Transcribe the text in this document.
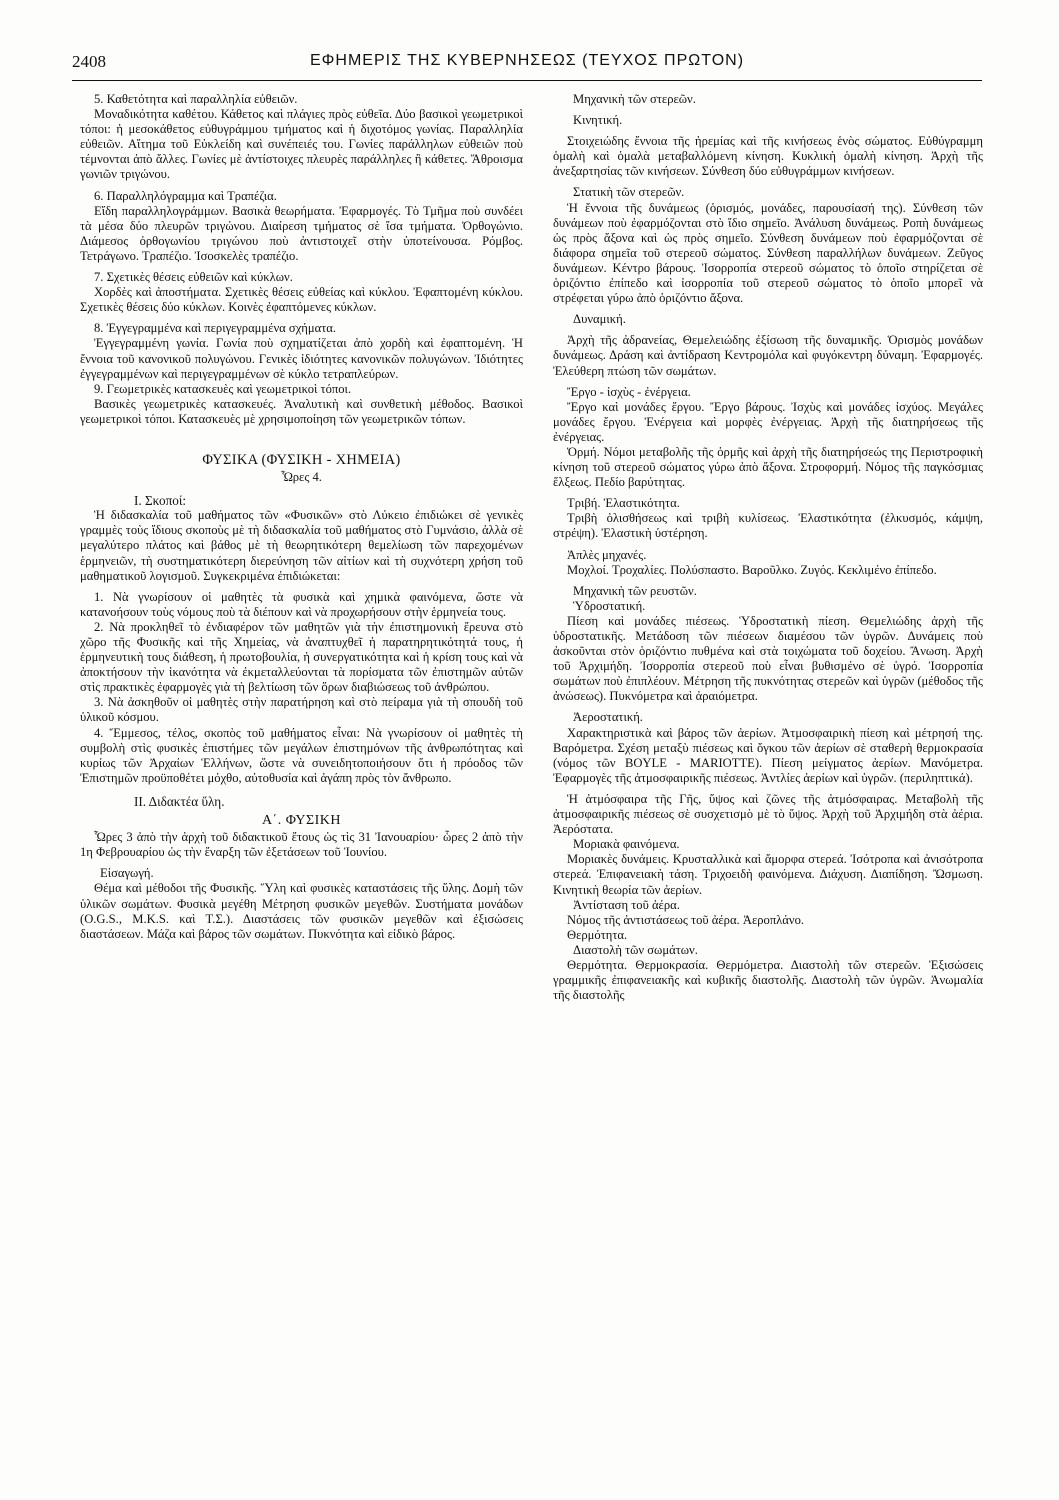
2408	ΕΦΗΜΕΡΙΣ ΤΗΣ ΚΥΒΕΡΝΗΣΕΩΣ (ΤΕΥΧΟΣ ΠΡΩΤΟΝ)

5. Καθετότητα καὶ παραλληλία εὐθειῶν.

Μοναδικότητα καθέτου. Κάθετος καὶ πλάγιες πρὸς εὐθεῖα. Δύο βασικοὶ γεωμετρικοὶ τόποι: ἡ μεσοκάθετος εὐθυγράμμου τμήματος καὶ ἡ διχοτόμος γωνίας. Παραλληλία εὐθειῶν. Αἴτημα τοῦ Εὐκλείδη καὶ συνέπειές του. Γωνίες παράλληλων εὐθειῶν ποὺ τέμνονται ἀπὸ ἄλλες. Γωνίες μὲ ἀντίστοιχες πλευρὲς παράλληλες ἢ κάθετες. Ἄθροισμα γωνιῶν τριγώνου.

6. Παραλληλόγραμμα καὶ Τραπέζια.

Εἴδη παραλληλογράμμων. Βασικὰ θεωρήματα. Ἐφαρμογές. Τὸ Τμῆμα ποὺ συνδέει τὰ μέσα δύο πλευρῶν τριγώνου. Διαίρεση τμήματος σὲ ἴσα τμήματα. Ὀρθογώνιο. Διάμεσος ὀρθογωνίου τριγώνου ποὺ ἀντιστοιχεῖ στὴν ὑποτείνουσα. Ρόμβος. Τετράγωνο. Τραπέζιο. Ἰσοσκελὲς τραπέζιο.

7. Σχετικὲς θέσεις εὐθειῶν καὶ κύκλων.

Χορδὲς καὶ ἀποστήματα. Σχετικὲς θέσεις εὐθείας καὶ κύκλου. Ἐφαπτομένη κύκλου. Σχετικὲς θέσεις δύο κύκλων. Κοινὲς ἐφαπτόμενες κύκλων.

8. Ἐγγεγραμμένα καὶ περιγεγραμμένα σχήματα.

Ἐγγεγραμμένη γωνία. Γωνία ποὺ σχηματίζεται ἀπὸ χορδὴ καὶ ἐφαπτομένη. Ἡ ἔννοια τοῦ κανονικοῦ πολυγώνου. Γενικὲς ἰδιότητες κανονικῶν πολυγώνων. Ἰδιότητες ἐγγεγραμμένων καὶ περιγεγραμμένων σὲ κύκλο τετραπλεύρων.

9. Γεωμετρικὲς κατασκευὲς καὶ γεωμετρικοὶ τόποι.

Βασικὲς γεωμετρικὲς κατασκευές. Ἀναλυτικὴ καὶ συνθετικὴ μέθοδος. Βασικοὶ γεωμετρικοὶ τόποι. Κατασκευὲς μὲ χρησιμοποίηση τῶν γεωμετρικῶν τόπων.

ΦΥΣΙΚΑ (ΦΥΣΙΚΗ - ΧΗΜΕΙΑ)

Ὧρες 4.

Ι. Σκοποί:

Ἡ διδασκαλία τοῦ μαθήματος τῶν «Φυσικῶν» στὸ Λύκειο ἐπιδιώκει σὲ γενικὲς γραμμὲς τοὺς ἴδιους σκοποὺς μὲ τὴ διδασκαλία τοῦ μαθήματος στὸ Γυμνάσιο, ἀλλὰ σὲ μεγαλύτερο πλάτος καὶ βάθος μὲ τὴ θεωρητικότερη θεμελίωση τῶν παρεχομένων ἑρμηνειῶν, τὴ συστηματικότερη διερεύνηση τῶν αἰτίων καὶ τὴ συχνότερη χρήση τοῦ μαθηματικοῦ λογισμοῦ. Συγκεκριμένα ἐπιδιώκεται:

1. Νὰ γνωρίσουν οἱ μαθητὲς τὰ φυσικὰ καὶ χημικὰ φαινόμενα, ὥστε νὰ κατανοήσουν τοὺς νόμους ποὺ τὰ διέπουν καὶ νὰ προχωρήσουν στὴν ἑρμηνεία τους.

2. Νὰ προκληθεῖ τὸ ἐνδιαφέρον τῶν μαθητῶν γιὰ τὴν ἐπιστημονικὴ ἔρευνα στὸ χῶρο τῆς Φυσικῆς καὶ τῆς Χημείας, νὰ ἀναπτυχθεῖ ἡ παρατηρητικότητά τους, ἡ ἑρμηνευτικὴ τους διάθεση, ἡ πρωτοβουλία, ἡ συνεργατικότητα καὶ ἡ κρίση τους καὶ νὰ ἀποκτήσουν τὴν ἱκανότητα νὰ ἐκμεταλλεύονται τὰ πορίσματα τῶν ἐπιστημῶν αὐτῶν στὶς πρακτικὲς ἐφαρμογὲς γιὰ τὴ βελτίωση τῶν ὅρων διαβιώσεως τοῦ ἀνθρώπου.

3. Νὰ ἀσκηθοῦν οἱ μαθητὲς στὴν παρατήρηση καὶ στὸ πείραμα γιὰ τὴ σπουδὴ τοῦ ὑλικοῦ κόσμου.

4. Ἔμμεσος, τέλος, σκοπὸς τοῦ μαθήματος εἶναι: Νὰ γνωρίσουν οἱ μαθητὲς τὴ συμβολὴ στὶς φυσικὲς ἐπιστήμες τῶν μεγάλων ἐπιστημόνων τῆς ἀνθρωπότητας καὶ κυρίως τῶν Ἀρχαίων Ἑλλήνων, ὥστε νὰ συνειδητοποιήσουν ὅτι ἡ πρόοδος τῶν Ἐπιστημῶν προϋποθέτει μόχθο, αὐτοθυσία καὶ ἀγάπη πρὸς τὸν ἄνθρωπο.

ΙΙ. Διδακτέα ὕλη.

Α΄. ΦΥΣΙΚΗ

Ὧρες 3 ἀπὸ τὴν ἀρχὴ τοῦ διδακτικοῦ ἔτους ὡς τὶς 31 Ἰανουαρίου· ὧρες 2 ἀπὸ τὴν 1η Φεβρουαρίου ὡς τὴν ἔναρξη τῶν ἐξετάσεων τοῦ Ἰουνίου.

Εἰσαγωγή.

Θέμα καὶ μέθοδοι τῆς Φυσικῆς. Ὕλη καὶ φυσικὲς καταστάσεις τῆς ὕλης. Δομὴ τῶν ὑλικῶν σωμάτων. Φυσικὰ μεγέθη Μέτρηση φυσικῶν μεγεθῶν. Συστήματα μονάδων (O.G.S., M.K.S. καὶ Τ.Σ.). Διαστάσεις τῶν φυσικῶν μεγεθῶν καὶ ἐξισώσεις διαστάσεων. Μάζα καὶ βάρος τῶν σωμάτων. Πυκνότητα καὶ εἰδικὸ βάρος.

Μηχανικὴ τῶν στερεῶν.

Κινητική.

Στοιχειώδης ἔννοια τῆς ἠρεμίας καὶ τῆς κινήσεως ἑνὸς σώματος. Εὐθύγραμμη ὁμαλὴ καὶ ὁμαλὰ μεταβαλλόμενη κίνηση. Κυκλικὴ ὁμαλὴ κίνηση. Ἀρχὴ τῆς ἀνεξαρτησίας τῶν κινήσεων. Σύνθεση δύο εὐθυγράμμων κινήσεων.

Στατικὴ τῶν στερεῶν.

Ἡ ἔννοια τῆς δυνάμεως (ὁρισμός, μονάδες, παρουσίασή της). Σύνθεση τῶν δυνάμεων ποὺ ἐφαρμόζονται στὸ ἴδιο σημεῖο. Ἀνάλυση δυνάμεως. Ροπὴ δυνάμεως ὡς πρὸς ἄξονα καὶ ὡς πρὸς σημεῖο. Σύνθεση δυνάμεων ποὺ ἐφαρμόζονται σὲ διάφορα σημεῖα τοῦ στερεοῦ σώματος. Σύνθεση παραλλήλων δυνάμεων. Ζεῦγος δυνάμεων. Κέντρο βάρους. Ἰσορροπία στερεοῦ σώματος τὸ ὁποῖο στηρίζεται σὲ ὁριζόντιο ἐπίπεδο καὶ ἰσορροπία τοῦ στερεοῦ σώματος τὸ ὁποῖο μπορεῖ νὰ στρέφεται γύρω ἀπὸ ὁριζόντιο ἄξονα.

Δυναμική.

Ἀρχὴ τῆς ἀδρανείας, Θεμελειώδης ἐξίσωση τῆς δυναμικῆς. Ὁρισμὸς μονάδων δυνάμεως. Δράση καὶ ἀντίδραση Κεντρομόλα καὶ φυγόκεντρη δύναμη. Ἐφαρμογές. Ἐλεύθερη πτώση τῶν σωμάτων.

Ἔργο - ἰσχὺς - ἐνέργεια.

Ἔργο καὶ μονάδες ἔργου. Ἔργο βάρους. Ἰσχὺς καὶ μονάδες ἰσχύος. Μεγάλες μονάδες ἔργου. Ἐνέργεια καὶ μορφὲς ἐνέργειας. Ἀρχὴ τῆς διατηρήσεως τῆς ἐνέργειας.

Ὁρμή. Νόμοι μεταβολῆς τῆς ὁρμῆς καὶ ἀρχὴ τῆς διατηρήσεώς της Περιστροφικὴ κίνηση τοῦ στερεοῦ σώματος γύρω ἀπὸ ἄξονα. Στροφορμή. Νόμος τῆς παγκόσμιας ἕλξεως. Πεδίο βαρύτητας.

Τριβή. Ἐλαστικότητα.

Τριβὴ ὀλισθήσεως καὶ τριβὴ κυλίσεως. Ἐλαστικότητα (ἐλκυσμός, κάμψη, στρέψη). Ἐλαστικὴ ὑστέρηση.

Ἁπλὲς μηχανές.

Μοχλοί. Τροχαλίες. Πολύσπαστο. Βαροῦλκο. Ζυγός. Κεκλιμένο ἐπίπεδο.

Μηχανικὴ τῶν ρευστῶν.

Ὑδροστατική.

Πίεση καὶ μονάδες πιέσεως. Ὑδροστατικὴ πίεση. Θεμελιώδης ἀρχὴ τῆς ὑδροστατικῆς. Μετάδοση τῶν πιέσεων διαμέσου τῶν ὑγρῶν. Δυνάμεις ποὺ ἀσκοῦνται στὸν ὁριζόντιο πυθμένα καὶ στὰ τοιχώματα τοῦ δοχείου. Ἄνωση. Ἀρχὴ τοῦ Ἀρχιμήδη. Ἰσορροπία στερεοῦ ποὺ εἶναι βυθισμένο σὲ ὑγρό. Ἰσορροπία σωμάτων ποὺ ἐπιπλέουν. Μέτρηση τῆς πυκνότητας στερεῶν καὶ ὑγρῶν (μέθοδος τῆς ἀνώσεως). Πυκνόμετρα καὶ ἀραιόμετρα.

Ἀεροστατική.

Χαρακτηριστικὰ καὶ βάρος τῶν ἀερίων. Ἀτμοσφαιρικὴ πίεση καὶ μέτρησή της. Βαρόμετρα. Σχέση μεταξὺ πιέσεως καὶ ὄγκου τῶν ἀερίων σὲ σταθερὴ θερμοκρασία (νόμος τῶν BOYLE - MARIOTTE). Πίεση μείγματος ἀερίων. Μανόμετρα. Ἐφαρμογὲς τῆς ἀτμοσφαιρικῆς πιέσεως. Ἀντλίες ἀερίων καὶ ὑγρῶν. (περιληπτικά).

Ἡ ἀτμόσφαιρα τῆς Γῆς, ὕψος καὶ ζῶνες τῆς ἀτμόσφαιρας. Μεταβολὴ τῆς ἀτμοσφαιρικῆς πιέσεως σὲ συσχετισμὸ μὲ τὸ ὕψος. Ἀρχὴ τοῦ Ἀρχιμήδη στὰ ἀέρια. Ἀερόστατα.

Μοριακὰ φαινόμενα.

Μοριακὲς δυνάμεις. Κρυσταλλικὰ καὶ ἄμορφα στερεά. Ἰσότροπα καὶ ἀνισότροπα στερεά. Ἐπιφανειακὴ τάση. Τριχοειδὴ φαινόμενα. Διάχυση. Διαπίδηση. Ὤσμωση. Κινητικὴ θεωρία τῶν ἀερίων.

Ἀντίσταση τοῦ ἀέρα.

Νόμος τῆς ἀντιστάσεως τοῦ ἀέρα. Ἀεροπλάνο.

Θερμότητα.

Διαστολὴ τῶν σωμάτων.

Θερμότητα. Θερμοκρασία. Θερμόμετρα. Διαστολὴ τῶν στερεῶν. Ἐξισώσεις γραμμικῆς ἐπιφανειακῆς καὶ κυβικῆς διαστολῆς. Διαστολὴ τῶν ὑγρῶν. Ἀνωμαλία τῆς διαστολῆς
